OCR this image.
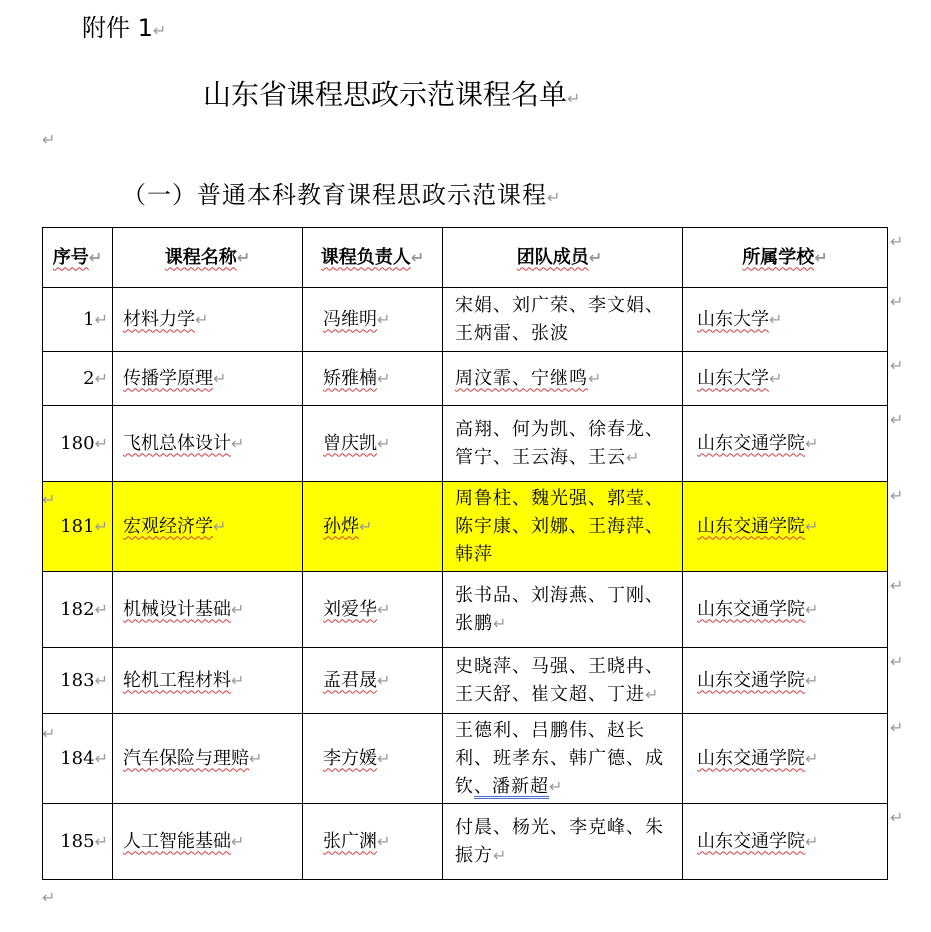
附件 1↵
山东省课程思政示范课程名单↵
↵
（一）普通本科教育课程思政示范课程↵
序号↵	课程名称↵	课程负责人↵	团队成员↵	所属学校↵
1↵	材料力学↵	冯维明↵	宋娟、刘广荣、李文娟、王炳雷、张波	山东大学↵
2↵	传播学原理↵	矫雅楠↵	周汶霏、宁继鸣↵	山东大学↵
180↵	飞机总体设计↵	曾庆凯↵	高翔、何为凯、徐春龙、管宁、王云海、王云↵	山东交通学院↵
181↵	宏观经济学↵	孙烨↵	周鲁柱、魏光强、郭莹、陈宇康、刘娜、王海萍、韩萍	山东交通学院↵
182↵	机械设计基础↵	刘爱华↵	张书品、刘海燕、丁刚、张鹏↵	山东交通学院↵
183↵	轮机工程材料↵	孟君晟↵	史晓萍、马强、王晓冉、王天舒、崔文超、丁进↵	山东交通学院↵
184↵	汽车保险与理赔↵	李方媛↵	王德利、吕鹏伟、赵长利、班孝东、韩广德、成钦、潘新超↵	山东交通学院↵
185↵	人工智能基础↵	张广渊↵	付晨、杨光、李克峰、朱 振方↵	山东交通学院↵
↵
↵
↵
↵
↵
↵
↵
↵
↵
↵
↵
↵
